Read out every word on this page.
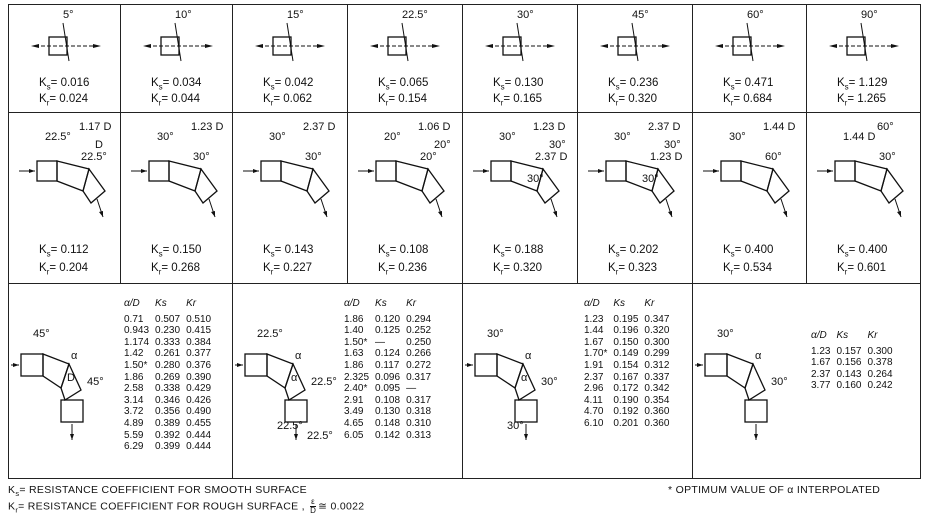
5°
$K_s= 0.016$
$K_r= 0.024$
10°
$K_s= 0.034$
$K_r= 0.044$
15°
$K_s= 0.042$
$K_r= 0.062$
22.5°
$K_s= 0.065$
$K_r= 0.154$
30°
$K_s= 0.130$
$K_r= 0.165$
45°
$K_s= 0.236$
$K_r= 0.320$
60°
$K_s= 0.471$
$K_r= 0.684$
90°
$K_s= 1.129$
$K_r= 1.265$
22.5°
1.17 D
22.5°
D
$K_s= 0.112$
$K_r= 0.204$
30°
1.23 D
30°
$K_s= 0.150$
$K_r= 0.268$
30°
2.37 D
30°
$K_s= 0.143$
$K_r= 0.227$
20°
1.06 D
20°
20°
$K_s= 0.108$
$K_r= 0.236$
30°
1.23 D
2.37 D
30°
30°
$K_s= 0.188$
$K_r= 0.320$
30°
2.37 D
1.23 D
30°
30°
$K_s= 0.202$
$K_r= 0.323$
30°
1.44 D
60°
$K_s= 0.400$
$K_r= 0.534$
1.44 D
60°
30°
$K_s= 0.400$
$K_r= 0.601$
45°
α
45°
D
α/D	Ks	Kr
0.71	0.507	0.510
0.943	0.230	0.415
1.174	0.333	0.384
1.42	0.261	0.377
1.50*	0.280	0.376
1.86	0.269	0.390
2.58	0.338	0.429
3.14	0.346	0.426
3.72	0.356	0.490
4.89	0.389	0.455
5.59	0.392	0.444
6.29	0.399	0.444
22.5°
α
22.5°
α
22.5°
22.5°
α/D	Ks	Kr
1.86	0.120	0.294
1.40	0.125	0.252
1.50*	—	0.250
1.63	0.124	0.266
1.86	0.117	0.272
2.325	0.096	0.317
2.40*	0.095	—
2.91	0.108	0.317
3.49	0.130	0.318
4.65	0.148	0.310
6.05	0.142	0.313
30°
α
30°
α
30°
α/D	Ks	Kr
1.23	0.195	0.347
1.44	0.196	0.320
1.67	0.150	0.300
1.70*	0.149	0.299
1.91	0.154	0.312
2.37	0.167	0.337
2.96	0.172	0.342
4.11	0.190	0.354
4.70	0.192	0.360
6.10	0.201	0.360
30°
α
30°
α/D	Ks	Kr
1.23	0.157	0.300
1.67	0.156	0.378
2.37	0.143	0.264
3.77	0.160	0.242
$K_s=$ RESISTANCE COEFFICIENT FOR SMOOTH SURFACE
$K_r=$ RESISTANCE COEFFICIENT FOR ROUGH SURFACE , $\frac{\varepsilon}{D}$ ≅ 0.0022
* OPTIMUM VALUE OF α INTERPOLATED
